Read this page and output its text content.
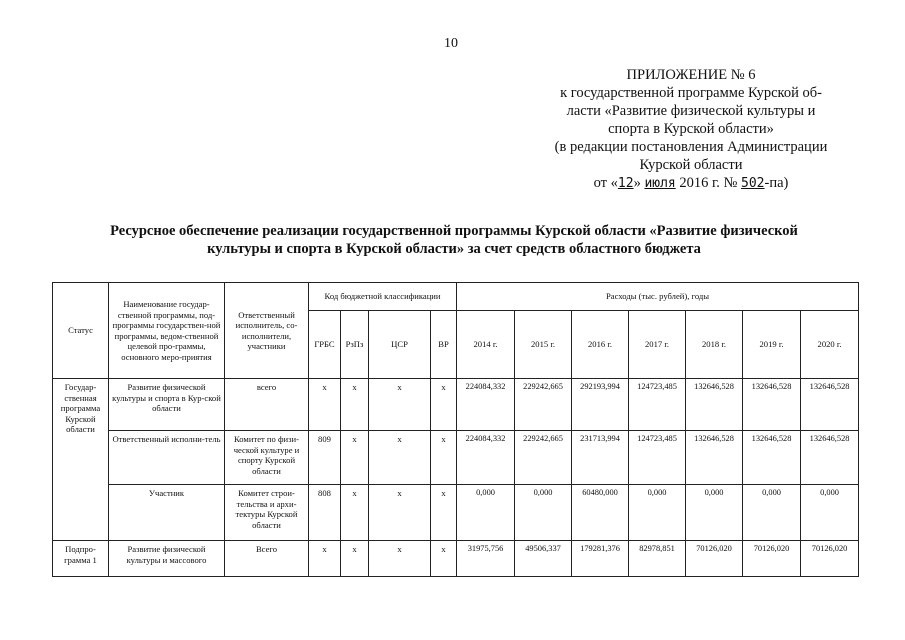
10
ПРИЛОЖЕНИЕ № 6
к государственной программе Курской об-
ласти «Развитие физической культуры и
спорта в Курской области»
(в редакции постановления Администрации
Курской области
от «12» июля 2016 г. № 502-па)
Ресурсное обеспечение реализации государственной программы Курской области «Развитие физической
культуры и спорта в Курской области» за счет средств областного бюджета
Статус	Наименование государ-ственной программы, под-программы государствен-ной программы, ведом-ственной целевой про-граммы, основного меро-приятия	Ответственный исполнитель, со-исполнители, участники	Код бюджетной классификации				Расходы (тыс. рублей), годы						
			ГРБС	РзПз	ЦСР	ВР	2014 г.	2015 г.	2016 г.	2017 г.	2018 г.	2019 г.	2020 г.
Государ-ственная программа Курской области	Развитие физической культуры и спорта в Кур-ской области	всего	х	х	х	х	224084,332	229242,665	292193,994	124723,485	132646,528	132646,528	132646,528
	Ответственный исполни-тель	Комитет по физи-ческой культуре и спорту Курской области	809	х	х	х	224084,332	229242,665	231713,994	124723,485	132646,528	132646,528	132646,528
	Участник	Комитет строи-тельства и архи-тектуры Курской области	808	х	х	х	0,000	0,000	60480,000	0,000	0,000	0,000	0,000
Подпро-грамма 1	Развитие физической культуры и массового	Всего	х	х	х	х	31975,756	49506,337	179281,376	82978,851	70126,020	70126,020	70126,020
